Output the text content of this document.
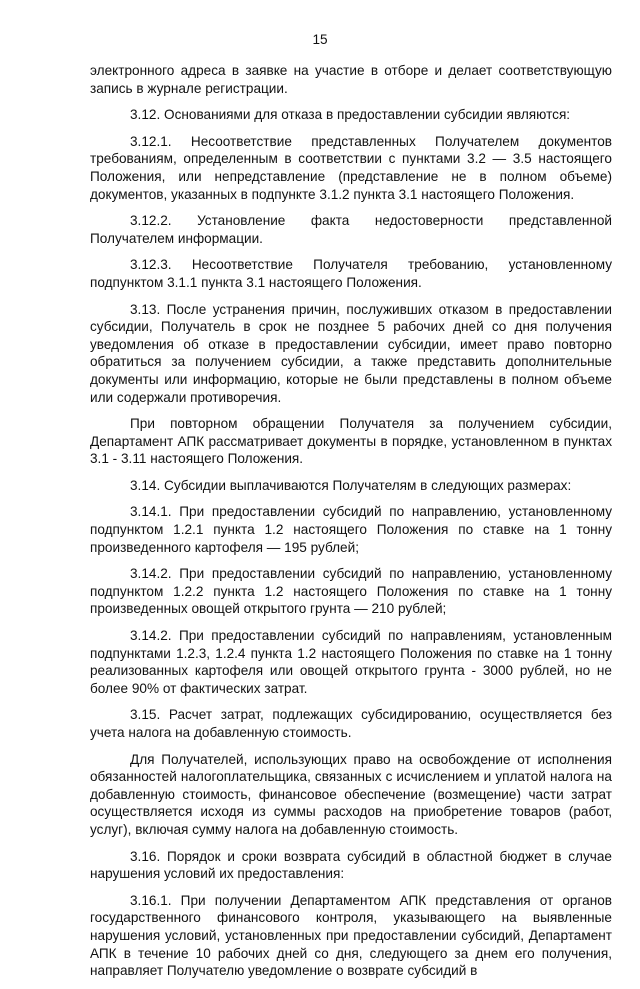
15

электронного адреса в заявке на участие в отборе и делает соответствующую запись в журнале регистрации.

3.12. Основаниями для отказа в предоставлении субсидии являются:

3.12.1. Несоответствие представленных Получателем документов требованиям, определенным в соответствии с пунктами 3.2 — 3.5 настоящего Положения, или непредставление (представление не в полном объеме) документов, указанных в подпункте 3.1.2 пункта 3.1 настоящего Положения.

3.12.2. Установление факта недостоверности представленной Получателем информации.

3.12.3. Несоответствие Получателя требованию, установленному подпунктом 3.1.1 пункта 3.1 настоящего Положения.

3.13. После устранения причин, послуживших отказом в предоставлении субсидии, Получатель в срок не позднее 5 рабочих дней со дня получения уведомления об отказе в предоставлении субсидии, имеет право повторно обратиться за получением субсидии, а также представить дополнительные документы или информацию, которые не были представлены в полном объеме или содержали противоречия.

При повторном обращении Получателя за получением субсидии, Департамент АПК рассматривает документы в порядке, установленном в пунктах 3.1 - 3.11 настоящего Положения.

3.14. Субсидии выплачиваются Получателям в следующих размерах:

3.14.1. При предоставлении субсидий по направлению, установленному подпунктом 1.2.1 пункта 1.2 настоящего Положения по ставке на 1 тонну произведенного картофеля — 195 рублей;

3.14.2. При предоставлении субсидий по направлению, установленному подпунктом 1.2.2 пункта 1.2 настоящего Положения по ставке на 1 тонну произведенных овощей открытого грунта — 210 рублей;

3.14.2. При предоставлении субсидий по направлениям, установленным подпунктами 1.2.3, 1.2.4 пункта 1.2 настоящего Положения по ставке на 1 тонну реализованных картофеля или овощей открытого грунта - 3000 рублей, но не более 90% от фактических затрат.

3.15. Расчет затрат, подлежащих субсидированию, осуществляется без учета налога на добавленную стоимость.

Для Получателей, использующих право на освобождение от исполнения обязанностей налогоплательщика, связанных с исчислением и уплатой налога на добавленную стоимость, финансовое обеспечение (возмещение) части затрат осуществляется исходя из суммы расходов на приобретение товаров (работ, услуг), включая сумму налога на добавленную стоимость.

3.16. Порядок и сроки возврата субсидий в областной бюджет в случае нарушения условий их предоставления:

3.16.1. При получении Департаментом АПК представления от органов государственного финансового контроля, указывающего на выявленные нарушения условий, установленных при предоставлении субсидий, Департамент АПК в течение 10 рабочих дней со дня, следующего за днем его получения, направляет Получателю уведомление о возврате субсидий в
